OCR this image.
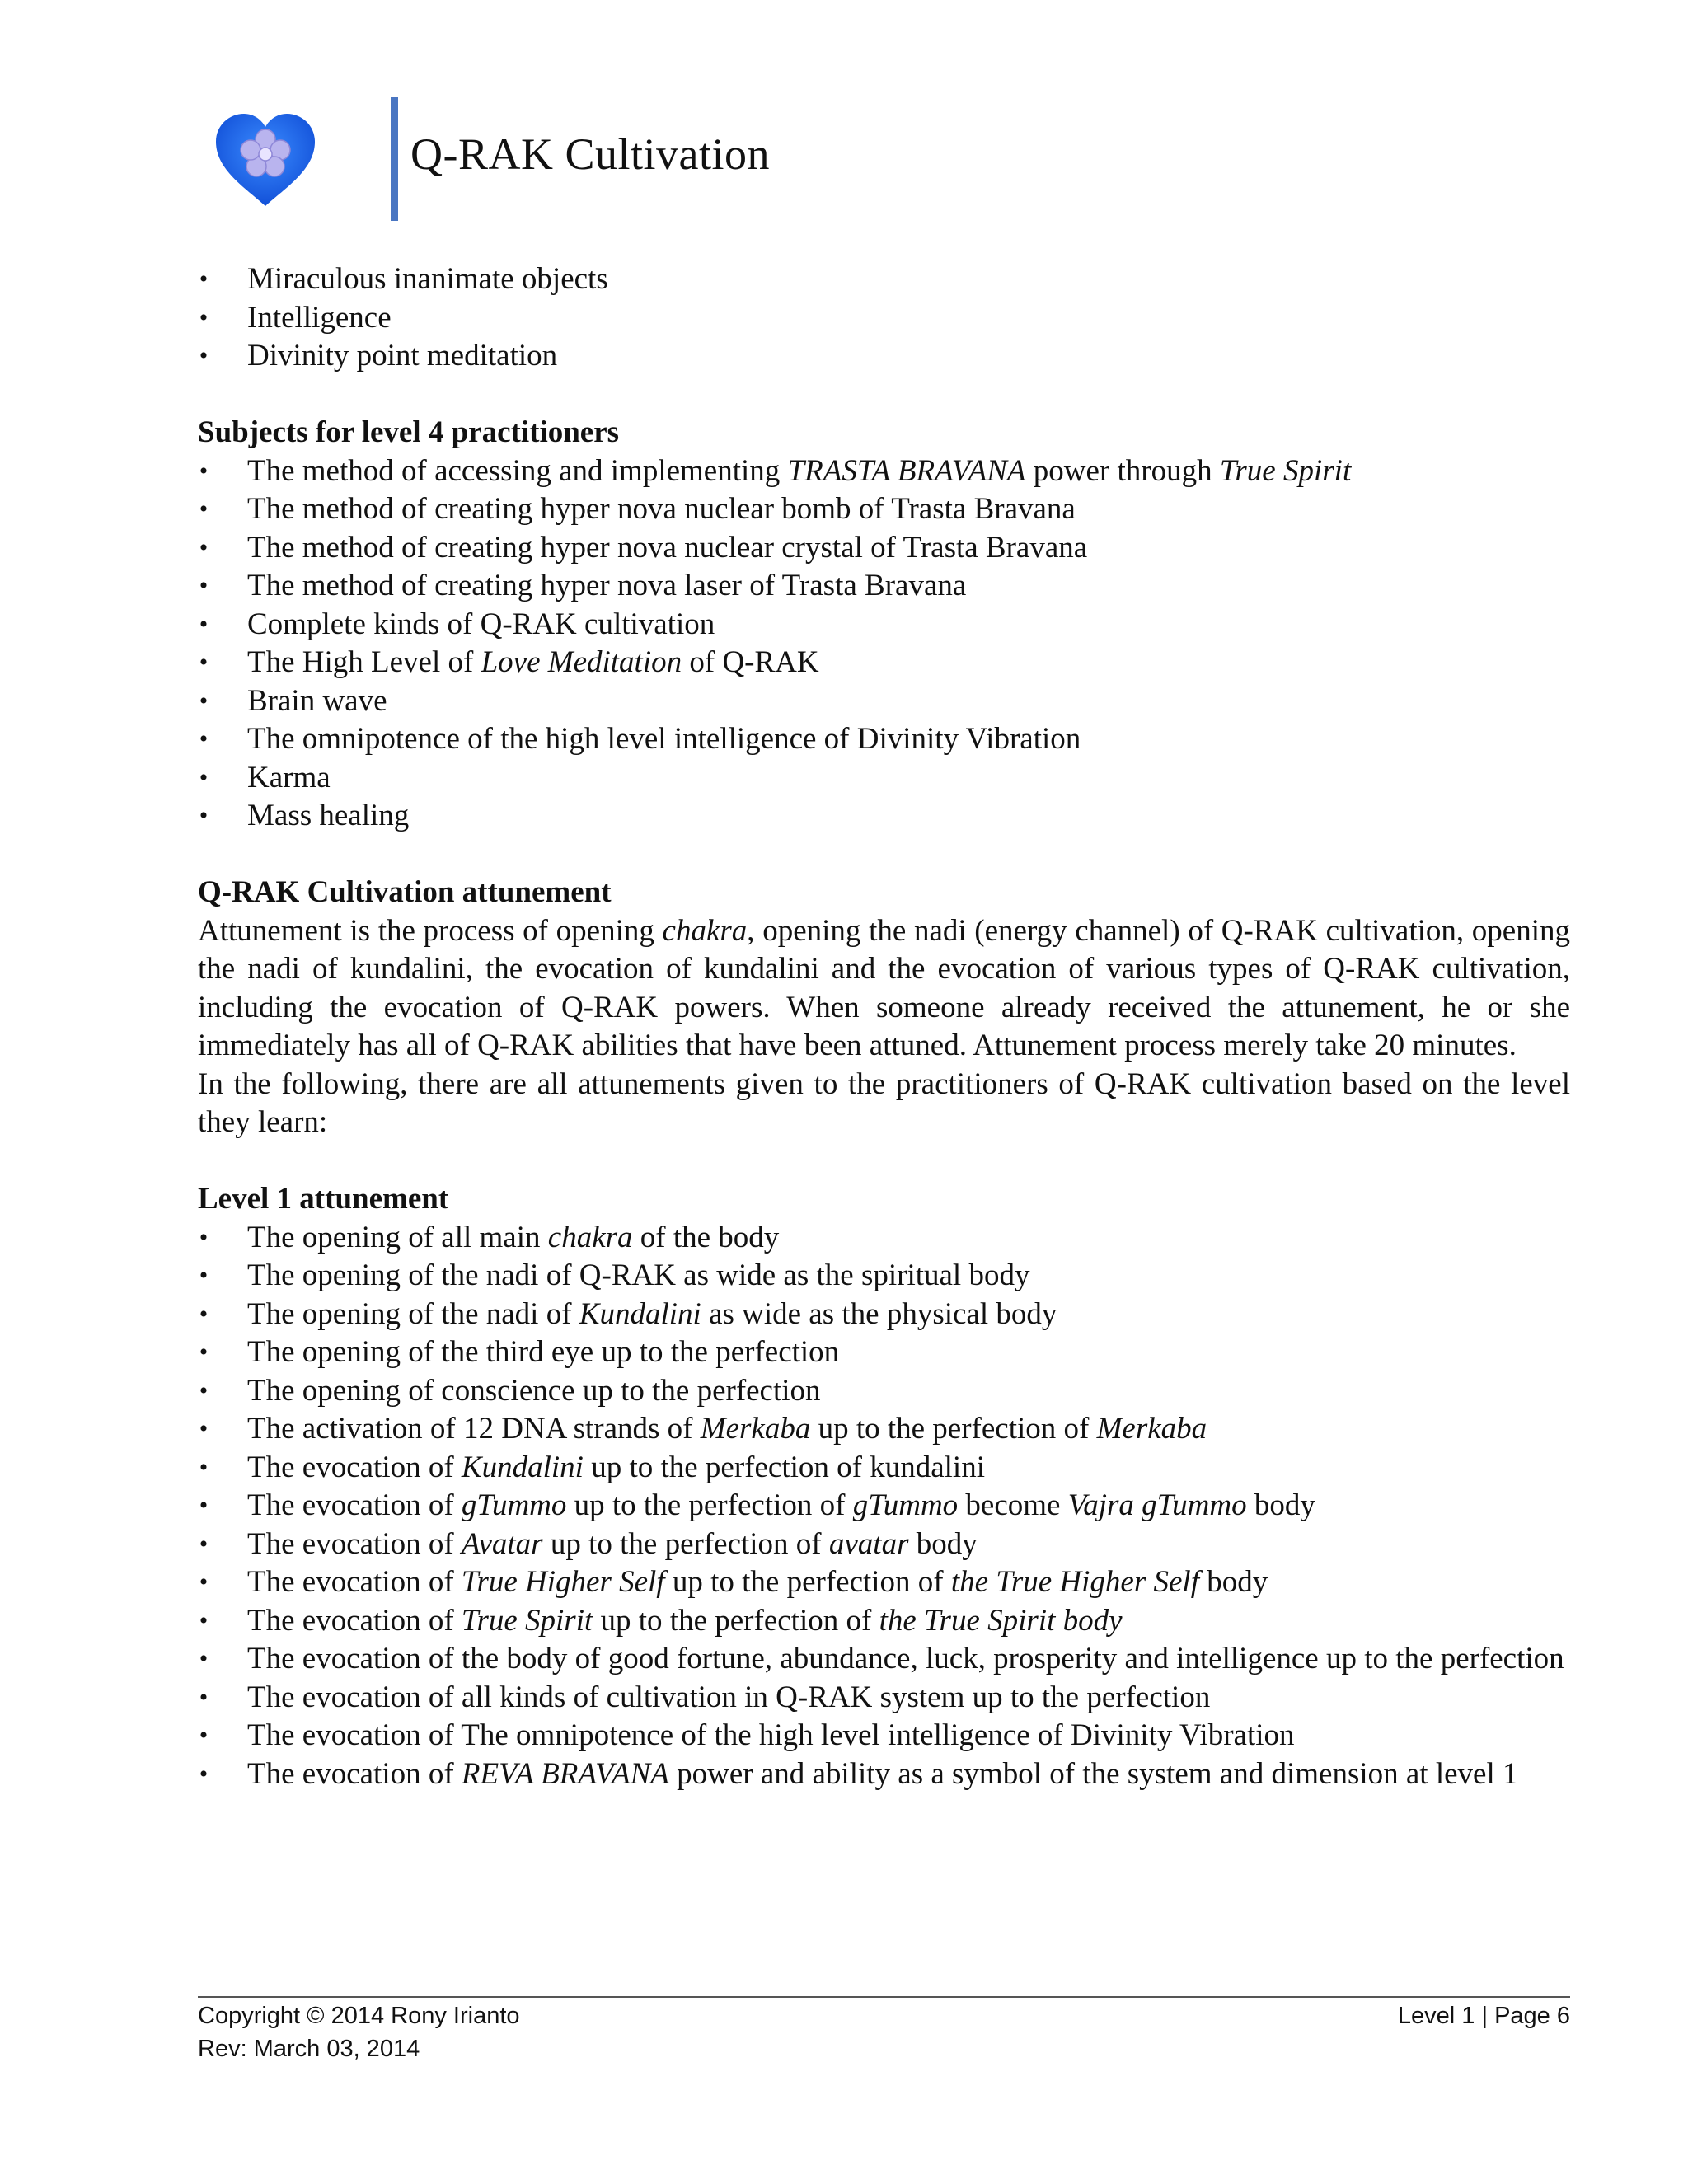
Q-RAK Cultivation
• Miraculous inanimate objects
• Intelligence
• Divinity point meditation
Subjects for level 4 practitioners
• The method of accessing and implementing TRASTA BRAVANA power through True Spirit
• The method of creating hyper nova nuclear bomb of Trasta Bravana
• The method of creating hyper nova nuclear crystal of Trasta Bravana
• The method of creating hyper nova laser of Trasta Bravana
• Complete kinds of Q-RAK cultivation
• The High Level of Love Meditation of Q-RAK
• Brain wave
• The omnipotence of the high level intelligence of Divinity Vibration
• Karma
• Mass healing
Q-RAK Cultivation attunement

Attunement is the process of opening chakra, opening the nadi (energy channel) of Q-RAK cultivation, opening the nadi of kundalini, the evocation of kundalini and the evocation of various types of Q-RAK cultivation, including the evocation of Q-RAK powers. When someone already received the attunement, he or she immediately has all of Q-RAK abilities that have been attuned. Attunement process merely take 20 minutes.

In the following, there are all attunements given to the practitioners of Q-RAK cultivation based on the level they learn:

Level 1 attunement
• The opening of all main chakra of the body
• The opening of the nadi of Q-RAK as wide as the spiritual body
• The opening of the nadi of Kundalini as wide as the physical body
• The opening of the third eye up to the perfection
• The opening of conscience up to the perfection
• The activation of 12 DNA strands of Merkaba up to the perfection of Merkaba
• The evocation of Kundalini up to the perfection of kundalini
• The evocation of gTummo up to the perfection of gTummo become Vajra gTummo body
• The evocation of Avatar up to the perfection of avatar body
• The evocation of True Higher Self up to the perfection of the True Higher Self body
• The evocation of True Spirit up to the perfection of the True Spirit body
• The evocation of the body of good fortune, abundance, luck, prosperity and intelligence up to the perfection
• The evocation of all kinds of cultivation in Q-RAK system up to the perfection
• The evocation of The omnipotence of the high level intelligence of Divinity Vibration
• The evocation of REVA BRAVANA power and ability as a symbol of the system and dimension at level 1
Copyright © 2014 Rony Irianto
Rev: March 03, 2014
Level 1 | Page 6
